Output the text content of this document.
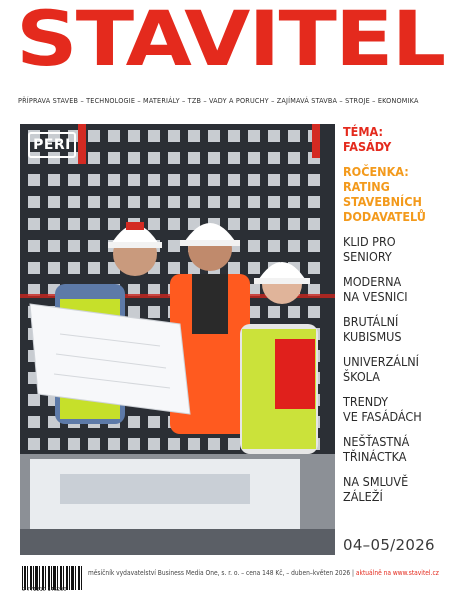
STAVITEL
PŘÍPRAVA STAVEB – TECHNOLOGIE – MATERIÁLY – TZB – VADY A PORUCHY – ZAJÍMAVÁ STAVBA – STROJE – EKONOMIKA
PERI

TÉMA:

FASÁDY

ROČENKA:

RATING

STAVEBNÍCH

DODAVATELŮ

KLID PRO

SENIORY

MODERNA

NA VESNICI

BRUTÁLNÍ

KUBISMUS

UNIVERZÁLNÍ

ŠKOLA

TRENDY

VE FASÁDÁCH

NEŠŤASTNÁ

TŘINÁCTKA

NA SMLUVĚ

ZÁLEŽÍ

04–05/2026
9 771210 146200
měsíčník vydavatelství Business Media One, s. r. o. – cena 148 Kč, – duben–květen 2026 | aktuálně na www.stavitel.cz
